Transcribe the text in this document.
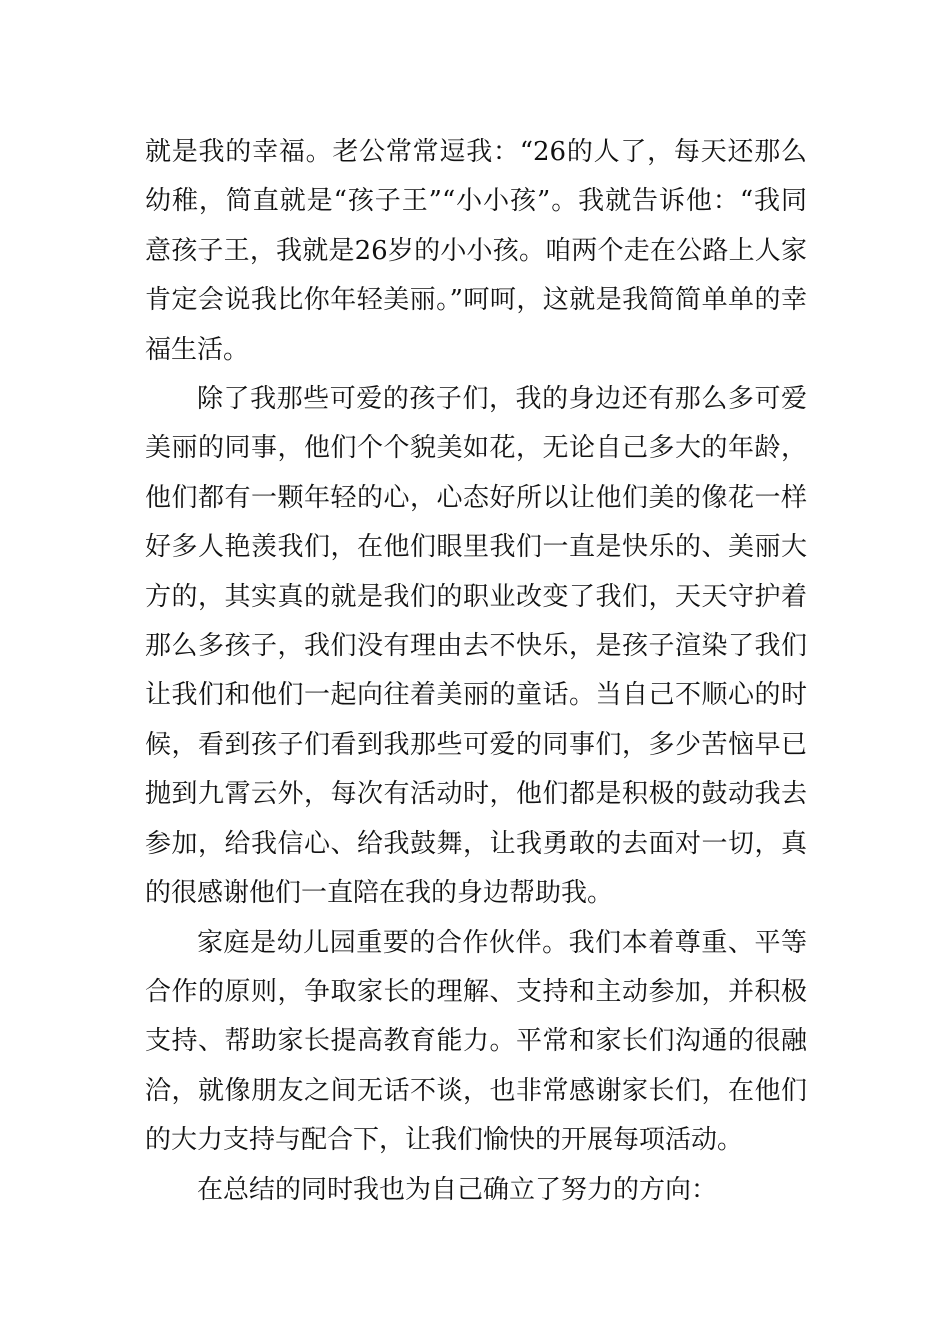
就是我的幸福。老公常常逗我：“26的人了，每天还那么幼稚，简直就是“孩子王”“小小孩”。我就告诉他：“我同意孩子王，我就是26岁的小小孩。咱两个走在公路上人家肯定会说我比你年轻美丽。”呵呵，这就是我简简单单的幸福生活。

除了我那些可爱的孩子们，我的身边还有那么多可爱美丽的同事，他们个个貌美如花，无论自己多大的年龄，他们都有一颗年轻的心，心态好所以让他们美的像花一样好多人艳羡我们，在他们眼里我们一直是快乐的、美丽大方的，其实真的就是我们的职业改变了我们，天天守护着那么多孩子，我们没有理由去不快乐，是孩子渲染了我们让我们和他们一起向往着美丽的童话。当自己不顺心的时候，看到孩子们看到我那些可爱的同事们，多少苦恼早已抛到九霄云外，每次有活动时，他们都是积极的鼓动我去参加，给我信心、给我鼓舞，让我勇敢的去面对一切，真的很感谢他们一直陪在我的身边帮助我。

家庭是幼儿园重要的合作伙伴。我们本着尊重、平等合作的原则，争取家长的理解、支持和主动参加，并积极支持、帮助家长提高教育能力。平常和家长们沟通的很融洽，就像朋友之间无话不谈，也非常感谢家长们，在他们的大力支持与配合下，让我们愉快的开展每项活动。

在总结的同时我也为自己确立了努力的方向：
